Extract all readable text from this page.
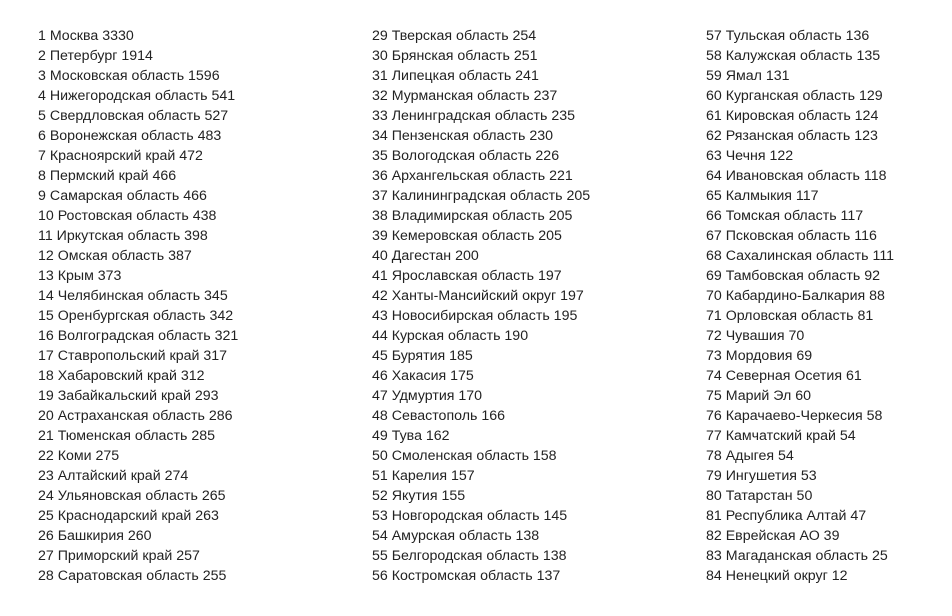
1 Москва 3330
2 Петербург 1914
3 Московская область 1596
4 Нижегородская область 541
5 Свердловская область 527
6 Воронежская область 483
7 Красноярский край 472
8 Пермский край 466
9 Самарская область 466
10 Ростовская область 438
11 Иркутская область 398
12 Омская область 387
13 Крым 373
14 Челябинская область 345
15 Оренбургская область 342
16 Волгоградская область 321
17 Ставропольский край 317
18 Хабаровский край 312
19 Забайкальский край 293
20 Астраханская область 286
21 Тюменская область 285
22 Коми 275
23 Алтайский край 274
24 Ульяновская область 265
25 Краснодарский край 263
26 Башкирия 260
27 Приморский край 257
28 Саратовская область 255
29 Тверская область 254
30 Брянская область 251
31 Липецкая область 241
32 Мурманская область 237
33 Ленинградская область 235
34 Пензенская область 230
35 Вологодская область 226
36 Архангельская область 221
37 Калининградская область 205
38 Владимирская область 205
39 Кемеровская область 205
40 Дагестан 200
41 Ярославская область 197
42 Ханты-Мансийский округ 197
43 Новосибирская область 195
44 Курская область 190
45 Бурятия 185
46 Хакасия 175
47 Удмуртия 170
48 Севастополь 166
49 Тува 162
50 Смоленская область 158
51 Карелия 157
52 Якутия 155
53 Новгородская область 145
54 Амурская область 138
55 Белгородская область 138
56 Костромская область 137
57 Тульская область 136
58 Калужская область 135
59 Ямал 131
60 Курганская область 129
61 Кировская область 124
62 Рязанская область 123
63 Чечня 122
64 Ивановская область 118
65 Калмыкия 117
66 Томская область 117
67 Псковская область 116
68 Сахалинская область 111
69 Тамбовская область 92
70 Кабардино-Балкария 88
71 Орловская область 81
72 Чувашия 70
73 Мордовия 69
74 Северная Осетия 61
75 Марий Эл 60
76 Карачаево-Черкесия 58
77 Камчатский край 54
78 Адыгея 54
79 Ингушетия 53
80 Татарстан 50
81 Республика Алтай 47
82 Еврейская АО 39
83 Магаданская область 25
84 Ненецкий округ 12
